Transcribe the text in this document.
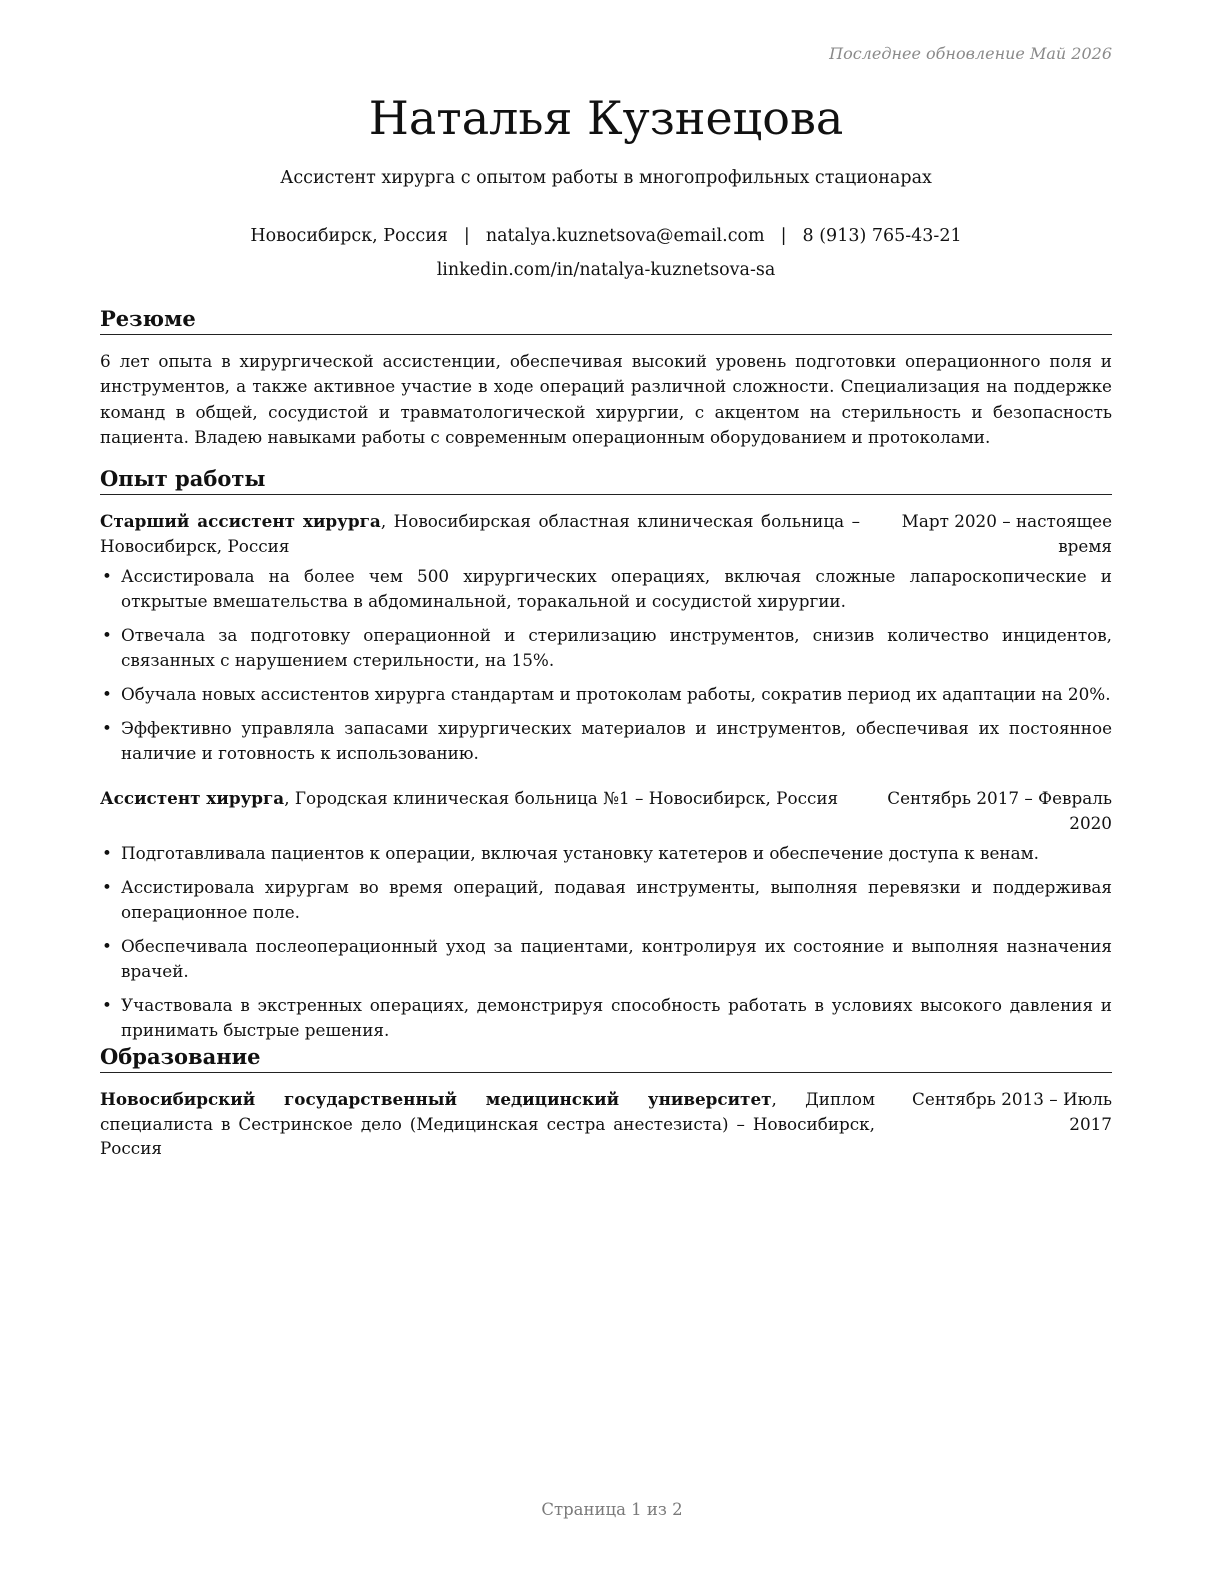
Последнее обновление Май 2026
Наталья Кузнецова
Ассистент хирурга с опытом работы в многопрофильных стационарах
Новосибирск, Россия | natalya.kuznetsova@email.com | 8 (913) 765-43-21
linkedin.com/in/natalya-kuznetsova-sa
Резюме
6 лет опыта в хирургической ассистенции, обеспечивая высокий уровень подготовки операционного поля и инструментов, а также активное участие в ходе операций различной сложности. Специализация на поддержке команд в общей, сосудистой и травматологической хирургии, с акцентом на стерильность и безопасность пациента. Владею навыками работы с современным операционным оборудованием и протоколами.
Опыт работы
Старший ассистент хирурга, Новосибирская областная клиническая больница – Новосибирск, Россия
Март 2020 – настоящее
время
• Ассистировала на более чем 500 хирургических операциях, включая сложные лапароскопические и открытые вмешательства в абдоминальной, торакальной и сосудистой хирургии.
• Отвечала за подготовку операционной и стерилизацию инструментов, снизив количество инцидентов, связанных с нарушением стерильности, на 15%.
• Обучала новых ассистентов хирурга стандартам и протоколам работы, сократив период их адаптации на 20%.
• Эффективно управляла запасами хирургических материалов и инструментов, обеспечивая их постоянное наличие и готовность к использованию.
Ассистент хирурга, Городская клиническая больница №1 – Новосибирск, Россия	Сентябрь 2017 – Февраль
2020
• Подготавливала пациентов к операции, включая установку катетеров и обеспечение доступа к венам.
• Ассистировала хирургам во время операций, подавая инструменты, выполняя перевязки и поддерживая операционное поле.
• Обеспечивала послеоперационный уход за пациентами, контролируя их состояние и выполняя назначения врачей.
• Участвовала в экстренных операциях, демонстрируя способность работать в условиях высокого давления и принимать быстрые решения.
Образование
Новосибирский государственный медицинский университет, Диплом специалиста в Сестринское дело (Медицинская сестра анестезиста) – Новосибирск, Россия
Сентябрь 2013 – Июль
2017
Страница 1 из 2
